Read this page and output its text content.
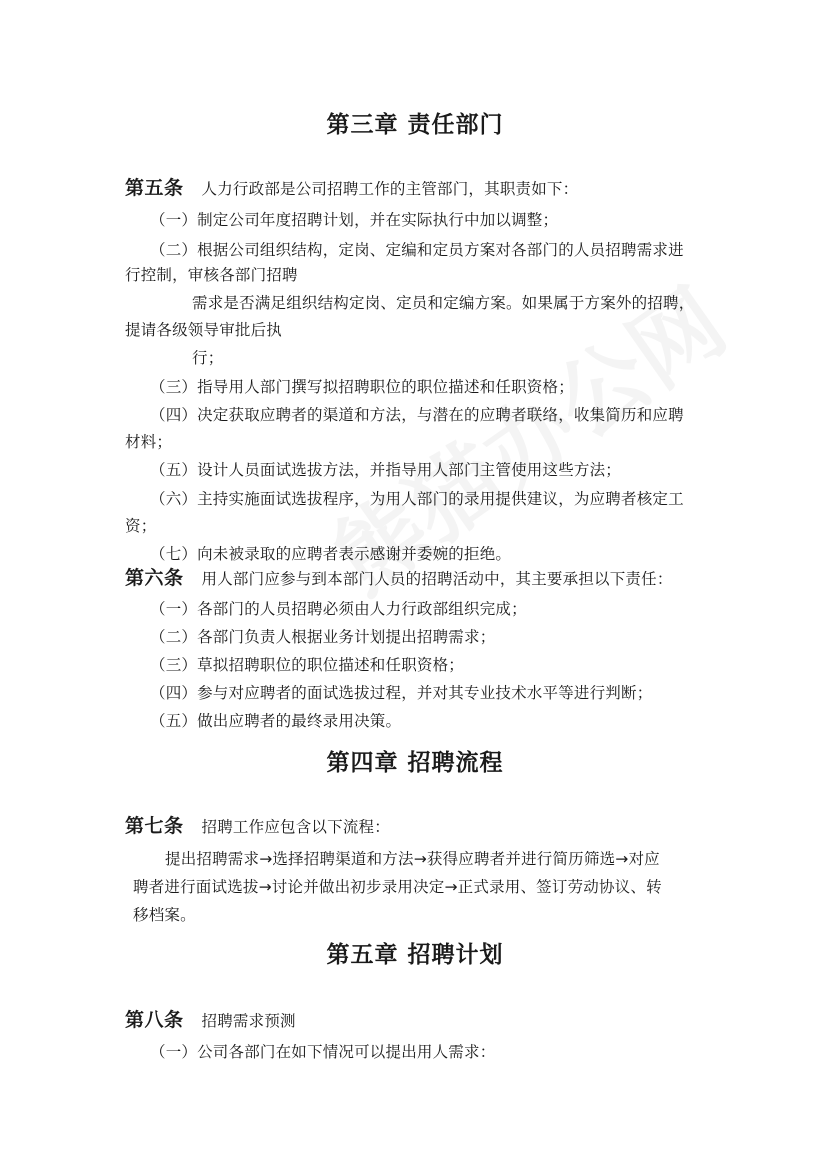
第三章 责任部门
第五条 人力行政部是公司招聘工作的主管部门，其职责如下：
（一）制定公司年度招聘计划，并在实际执行中加以调整；
（二）根据公司组织结构，定岗、定编和定员方案对各部门的人员招聘需求进
行控制，审核各部门招聘
需求是否满足组织结构定岗、定员和定编方案。如果属于方案外的招聘，
提请各级领导审批后执
行；
（三）指导用人部门撰写拟招聘职位的职位描述和任职资格；
（四）决定获取应聘者的渠道和方法，与潜在的应聘者联络，收集简历和应聘
材料；
（五）设计人员面试选拔方法，并指导用人部门主管使用这些方法；
（六）主持实施面试选拔程序，为用人部门的录用提供建议，为应聘者核定工
资；
（七）向未被录取的应聘者表示感谢并委婉的拒绝。
第六条 用人部门应参与到本部门人员的招聘活动中，其主要承担以下责任：
（一）各部门的人员招聘必须由人力行政部组织完成；
（二）各部门负责人根据业务计划提出招聘需求；
（三）草拟招聘职位的职位描述和任职资格；
（四）参与对应聘者的面试选拔过程，并对其专业技术水平等进行判断；
（五）做出应聘者的最终录用决策。
第四章 招聘流程
第七条 招聘工作应包含以下流程：
提出招聘需求→选择招聘渠道和方法→获得应聘者并进行简历筛选→对应
聘者进行面试选拔→讨论并做出初步录用决定→正式录用、签订劳动协议、转
移档案。
第五章 招聘计划
第八条 招聘需求预测
（一）公司各部门在如下情况可以提出用人需求：
